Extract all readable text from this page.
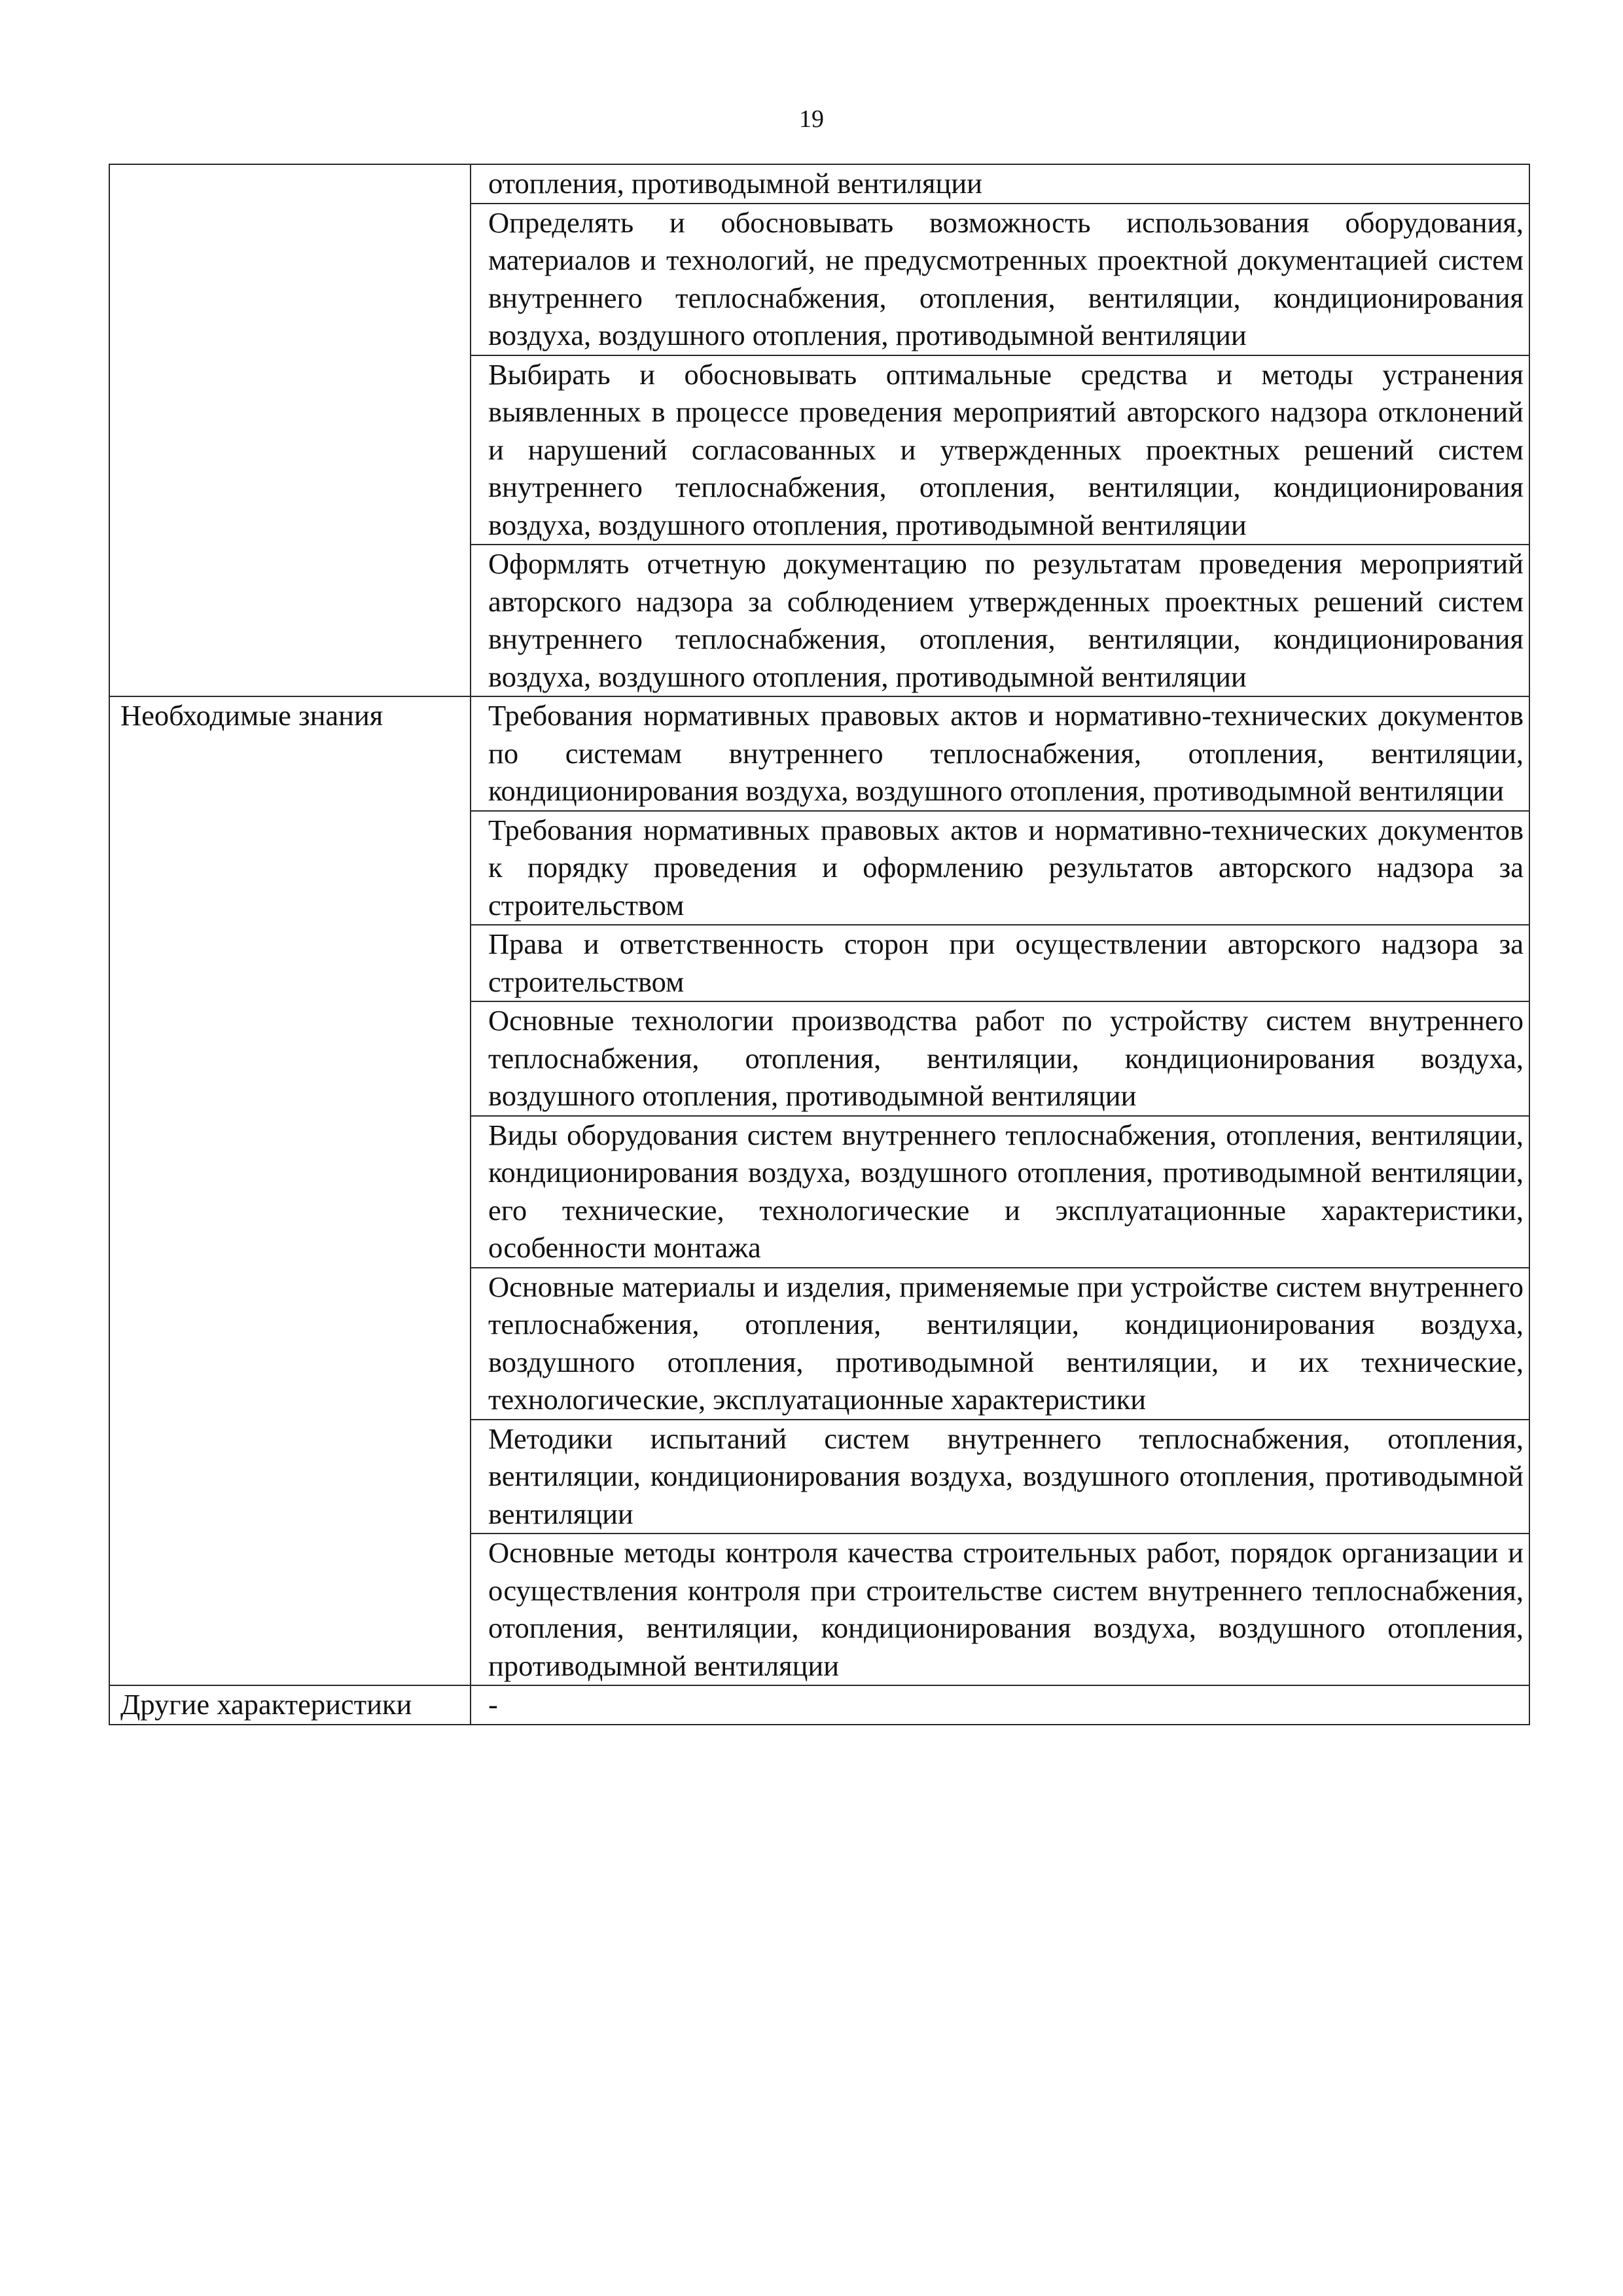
19

	отопления, противодымной вентиляции

	Определять и обосновывать возможность использования оборудования, материалов и технологий, не предусмотренных проектной документацией систем внутреннего теплоснабжения, отопления, вентиляции, кондиционирования воздуха, воздушного отопления, противодымной вентиляции

	Выбирать и обосновывать оптимальные средства и методы устранения выявленных в процессе проведения мероприятий авторского надзора отклонений и нарушений согласованных и утвержденных проектных решений систем внутреннего теплоснабжения, отопления, вентиляции, кондиционирования воздуха, воздушного отопления, противодымной вентиляции

	Оформлять отчетную документацию по результатам проведения мероприятий авторского надзора за соблюдением утвержденных проектных решений систем внутреннего теплоснабжения, отопления, вентиляции, кондиционирования воздуха, воздушного отопления, противодымной вентиляции

Необходимые знания	Требования нормативных правовых актов и нормативно-технических документов по системам внутреннего теплоснабжения, отопления, вентиляции, кондиционирования воздуха, воздушного отопления, противодымной вентиляции

	Требования нормативных правовых актов и нормативно-технических документов к порядку проведения и оформлению результатов авторского надзора за строительством

	Права и ответственность сторон при осуществлении авторского надзора за строительством

	Основные технологии производства работ по устройству систем внутреннего теплоснабжения, отопления, вентиляции, кондиционирования воздуха, воздушного отопления, противодымной вентиляции

	Виды оборудования систем внутреннего теплоснабжения, отопления, вентиляции, кондиционирования воздуха, воздушного отопления, противодымной вентиляции, его технические, технологические и эксплуатационные характеристики, особенности монтажа

	Основные материалы и изделия, применяемые при устройстве систем внутреннего теплоснабжения, отопления, вентиляции, кондиционирования воздуха, воздушного отопления, противодымной вентиляции, и их технические, технологические, эксплуатационные характеристики

	Методики испытаний систем внутреннего теплоснабжения, отопления, вентиляции, кондиционирования воздуха, воздушного отопления, противодымной вентиляции

	Основные методы контроля качества строительных работ, порядок организации и осуществления контроля при строительстве систем внутреннего теплоснабжения, отопления, вентиляции, кондиционирования воздуха, воздушного отопления, противодымной вентиляции

Другие характеристики	-
